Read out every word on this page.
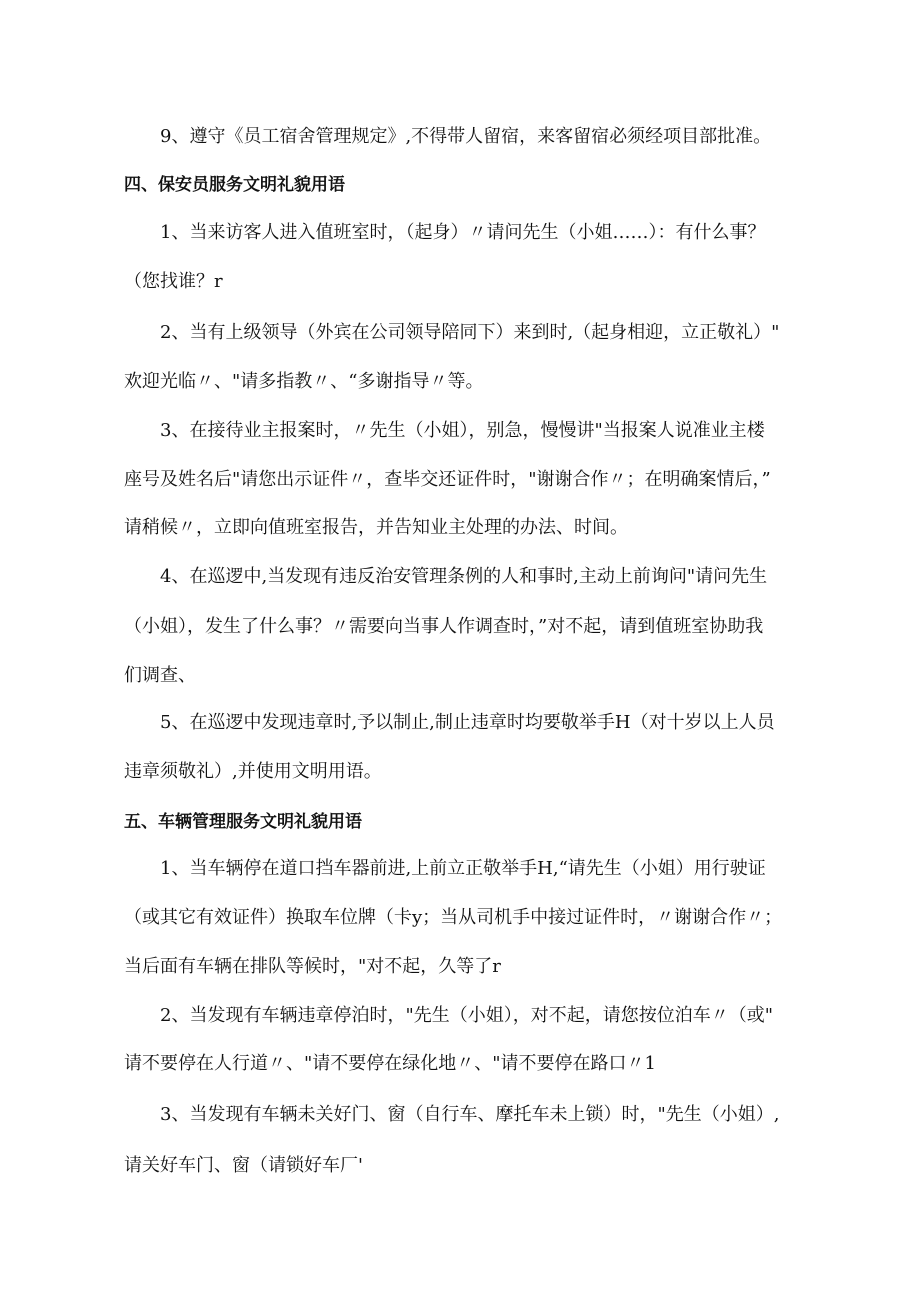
9、遵守《员工宿舍管理规定》,不得带人留宿，来客留宿必须经项目部批准。
四、保安员服务文明礼貌用语
1、当来访客人进入值班室时，（起身）〃请问先生（小姐……）：有什么事？
（您找谁？r
2、当有上级领导（外宾在公司领导陪同下）来到时,（起身相迎，立正敬礼）"
欢迎光临〃、"请多指教〃、“多谢指导〃等。
3、在接待业主报案时，〃先生（小姐），别急，慢慢讲"当报案人说准业主楼
座号及姓名后"请您出示证件〃，查毕交还证件时，"谢谢合作〃；在明确案情后，”
请稍候〃，立即向值班室报告，并告知业主处理的办法、时间。
4、在巡逻中,当发现有违反治安管理条例的人和事时,主动上前询问"请问先生
（小姐），发生了什么事？〃需要向当事人作调查时，”对不起，请到值班室协助我
们调查、
5、在巡逻中发现违章时,予以制止,制止违章时均要敬举手H（对十岁以上人员
违章须敬礼）,并使用文明用语。
五、车辆管理服务文明礼貌用语
1、当车辆停在道口挡车器前进,上前立正敬举手H,“请先生（小姐）用行驶证
（或其它有效证件）换取车位牌（卡y；当从司机手中接过证件时，〃谢谢合作〃；
当后面有车辆在排队等候时，"对不起，久等了r
2、当发现有车辆违章停泊时，"先生（小姐），对不起，请您按位泊车〃（或"
请不要停在人行道〃、"请不要停在绿化地〃、"请不要停在路口〃1
3、当发现有车辆未关好门、窗（自行车、摩托车未上锁）时，"先生（小姐）,
请关好车门、窗（请锁好车厂'
